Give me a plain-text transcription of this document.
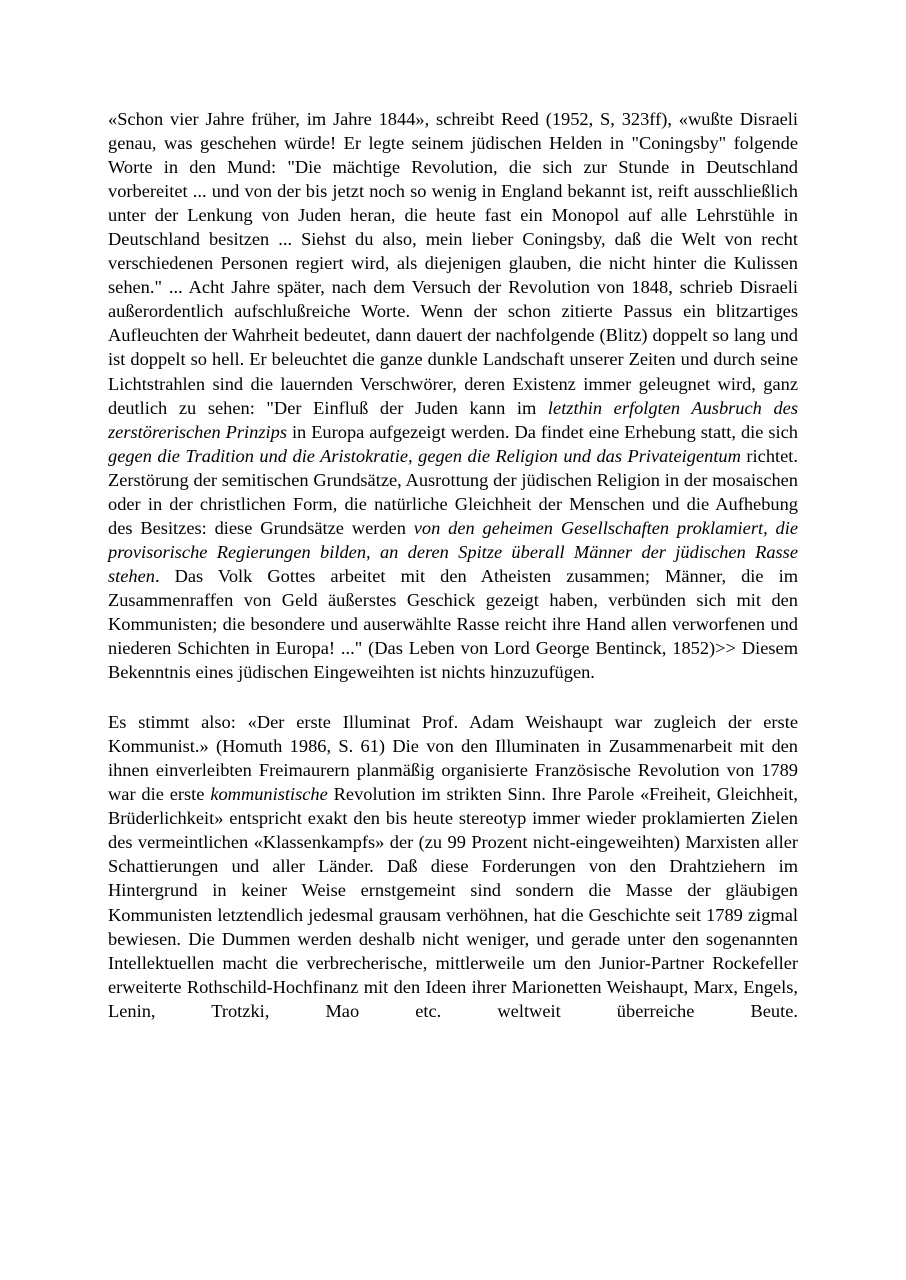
«Schon vier Jahre früher, im Jahre 1844», schreibt Reed (1952, S, 323ff), «wußte Disraeli genau, was geschehen würde! Er legte seinem jüdischen Helden in "Coningsby" folgende Worte in den Mund: "Die mächtige Revolution, die sich zur Stunde in Deutschland vorbereitet ... und von der bis jetzt noch so wenig in England bekannt ist, reift ausschließlich unter der Lenkung von Juden heran, die heute fast ein Monopol auf alle Lehrstühle in Deutschland besitzen ... Siehst du also, mein lieber Coningsby, daß die Welt von recht verschiedenen Personen regiert wird, als diejenigen glauben, die nicht hinter die Kulissen sehen." ... Acht Jahre später, nach dem Versuch der Revolution von 1848, schrieb Disraeli außerordentlich aufschlußreiche Worte. Wenn der schon zitierte Passus ein blitzartiges Aufleuchten der Wahrheit bedeutet, dann dauert der nachfolgende (Blitz) doppelt so lang und ist doppelt so hell. Er beleuchtet die ganze dunkle Landschaft unserer Zeiten und durch seine Lichtstrahlen sind die lauernden Verschwörer, deren Existenz immer geleugnet wird, ganz deutlich zu sehen: "Der Einfluß der Juden kann im letzthin erfolgten Ausbruch des zerstörerischen Prinzips in Europa aufgezeigt werden. Da findet eine Erhebung statt, die sich gegen die Tradition und die Aristokratie, gegen die Religion und das Privateigentum richtet. Zerstörung der semitischen Grundsätze, Ausrottung der jüdischen Religion in der mosaischen oder in der christlichen Form, die natürliche Gleichheit der Menschen und die Aufhebung des Besitzes: diese Grundsätze werden von den geheimen Gesellschaften proklamiert, die provisorische Regierungen bilden, an deren Spitze überall Männer der jüdischen Rasse stehen. Das Volk Gottes arbeitet mit den Atheisten zusammen; Männer, die im Zusammenraffen von Geld äußerstes Geschick gezeigt haben, verbünden sich mit den Kommunisten; die besondere und auserwählte Rasse reicht ihre Hand allen verworfenen und niederen Schichten in Europa! ..." (Das Leben von Lord George Bentinck, 1852)>> Diesem Bekenntnis eines jüdischen Eingeweihten ist nichts hinzuzufügen.

Es stimmt also: «Der erste Illuminat Prof. Adam Weishaupt war zugleich der erste Kommunist.» (Homuth 1986, S. 61) Die von den Illuminaten in Zusammenarbeit mit den ihnen einverleibten Freimaurern planmäßig organisierte Französische Revolution von 1789 war die erste kommunistische Revolution im strikten Sinn. Ihre Parole «Freiheit, Gleichheit, Brüderlichkeit» entspricht exakt den bis heute stereotyp immer wieder proklamierten Zielen des vermeintlichen «Klassenkampfs» der (zu 99 Prozent nicht-eingeweihten) Marxisten aller Schattierungen und aller Länder. Daß diese Forderungen von den Drahtziehern im Hintergrund in keiner Weise ernstgemeint sind sondern die Masse der gläubigen Kommunisten letztendlich jedesmal grausam verhöhnen, hat die Geschichte seit 1789 zigmal bewiesen. Die Dummen werden deshalb nicht weniger, und gerade unter den sogenannten Intellektuellen macht die verbrecherische, mittlerweile um den Junior-Partner Rockefeller erweiterte Rothschild-Hochfinanz mit den Ideen ihrer Marionetten Weishaupt, Marx, Engels, Lenin, Trotzki, Mao etc. weltweit überreiche Beute.
